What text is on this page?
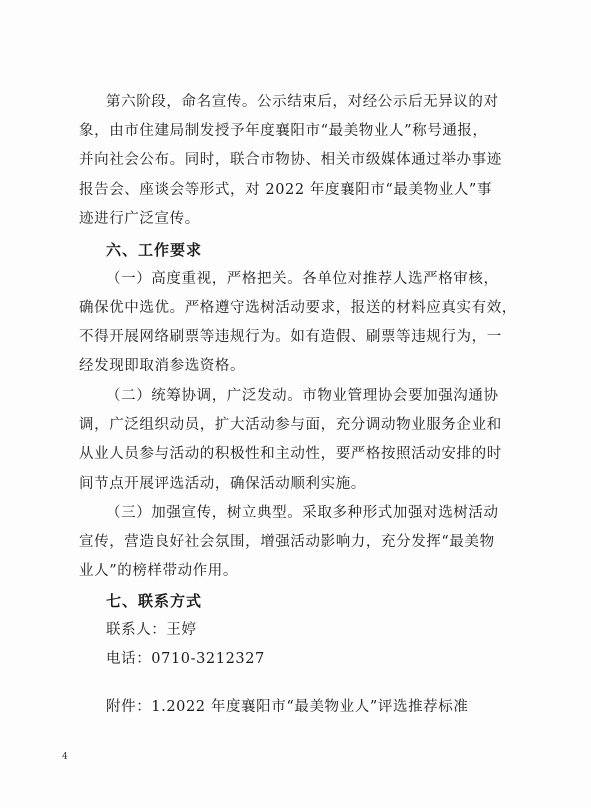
第六阶段，命名宣传。公示结束后，对经公示后无异议的对
象，由市住建局制发授予年度襄阳市“最美物业人”称号通报，
并向社会公布。同时，联合市物协、相关市级媒体通过举办事迹
报告会、座谈会等形式，对 2022 年度襄阳市“最美物业人”事
迹进行广泛宣传。
六、工作要求
（一）高度重视，严格把关。各单位对推荐人选严格审核，
确保优中选优。严格遵守选树活动要求，报送的材料应真实有效，
不得开展网络刷票等违规行为。如有造假、刷票等违规行为，一
经发现即取消参选资格。
（二）统筹协调，广泛发动。市物业管理协会要加强沟通协
调，广泛组织动员，扩大活动参与面，充分调动物业服务企业和
从业人员参与活动的积极性和主动性，要严格按照活动安排的时
间节点开展评选活动，确保活动顺利实施。
（三）加强宣传，树立典型。采取多种形式加强对选树活动
宣传，营造良好社会氛围，增强活动影响力，充分发挥“最美物
业人”的榜样带动作用。
七、联系方式
联系人：王婷
电话：0710-3212327
附件：1.2022 年度襄阳市“最美物业人”评选推荐标准
4
